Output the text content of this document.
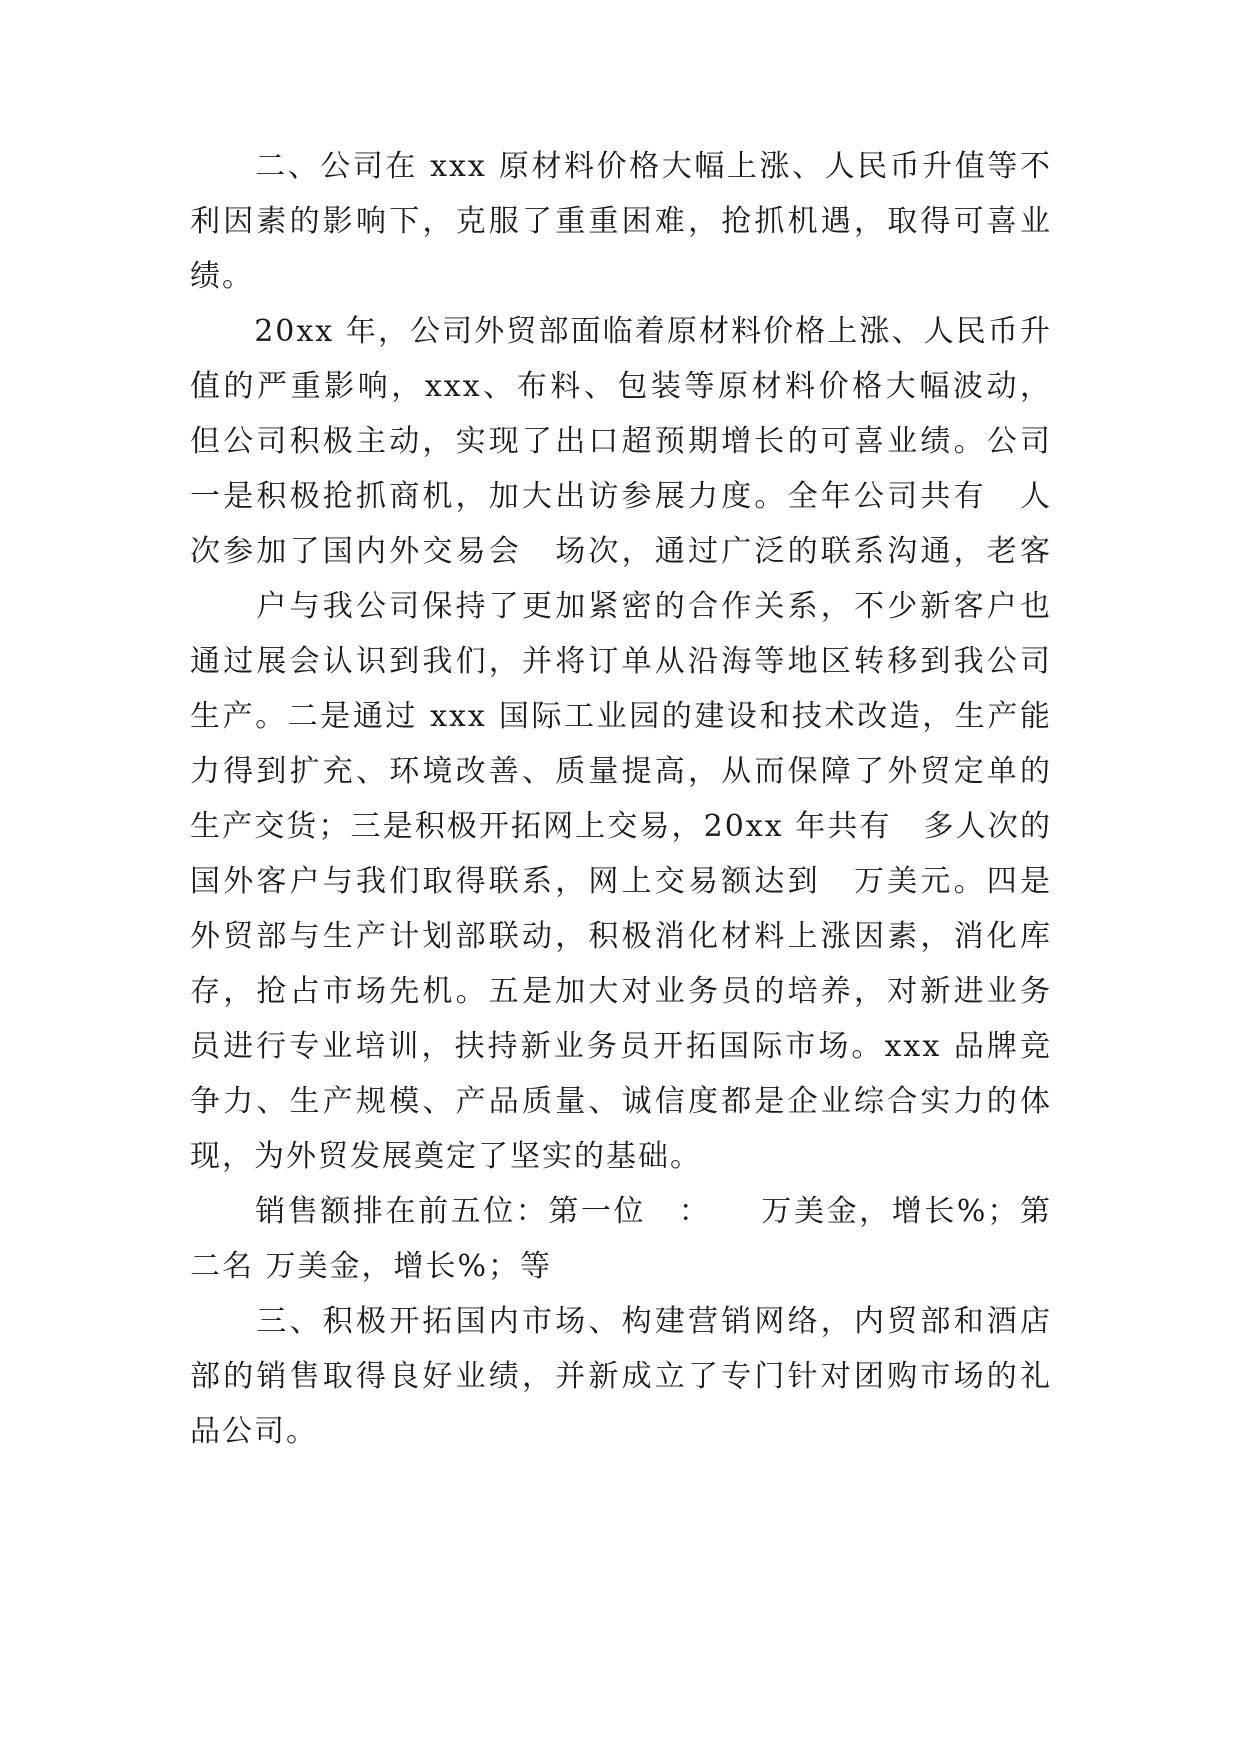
　　二、公司在 xxx 原材料价格大幅上涨、人民币升值等不
利因素的影响下，克服了重重困难，抢抓机遇，取得可喜业
绩。
　　20xx 年，公司外贸部面临着原材料价格上涨、人民币升
值的严重影响，xxx、布料、包装等原材料价格大幅波动，
但公司积极主动，实现了出口超预期增长的可喜业绩。公司
一是积极抢抓商机，加大出访参展力度。全年公司共有　人
次参加了国内外交易会　场次，通过广泛的联系沟通，老客
　　户与我公司保持了更加紧密的合作关系，不少新客户也
通过展会认识到我们，并将订单从沿海等地区转移到我公司
生产。二是通过 xxx 国际工业园的建设和技术改造，生产能
力得到扩充、环境改善、质量提高，从而保障了外贸定单的
生产交货；三是积极开拓网上交易，20xx 年共有　多人次的
国外客户与我们取得联系，网上交易额达到　万美元。四是
外贸部与生产计划部联动，积极消化材料上涨因素，消化库
存，抢占市场先机。五是加大对业务员的培养，对新进业务
员进行专业培训，扶持新业务员开拓国际市场。xxx 品牌竞
争力、生产规模、产品质量、诚信度都是企业综合实力的体
现，为外贸发展奠定了坚实的基础。
　　销售额排在前五位：第一位　：　　万美金，增长%；第
二名 万美金，增长%；等
　　三、积极开拓国内市场、构建营销网络，内贸部和酒店
部的销售取得良好业绩，并新成立了专门针对团购市场的礼
品公司。
